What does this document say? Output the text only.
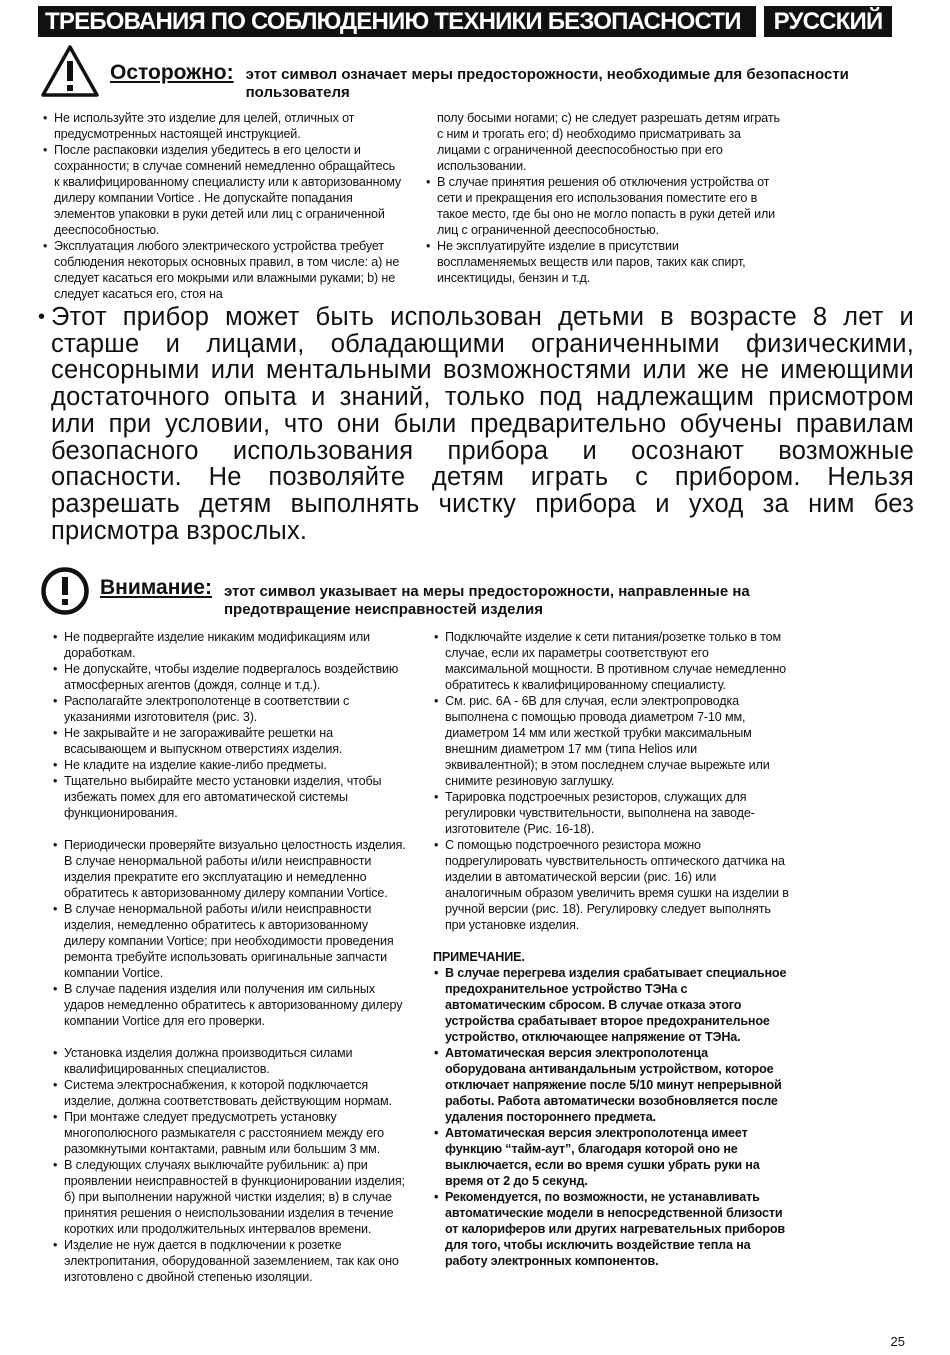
ТРЕБОВАНИЯ ПО СОБЛЮДЕНИЮ ТЕХНИКИ БЕЗОПАСНОСТИ	РУССКИЙ
Осторожно: этот символ означает меры предосторожности, необходимые для безопасности пользователя
• Не используйте это изделие для целей, отличных от предусмотренных настоящей инструкцией.
• После распаковки изделия убедитесь в его целости и сохранности; в случае сомнений немедленно обращайтесь к квалифицированному специалисту или к авторизованному дилеру компании Vortice . Не допускайте попадания элементов упаковки в руки детей или лиц с ограниченной дееспособностью.
• Эксплуатация любого электрического устройства требует соблюдения некоторых основных правил, в том числе: a) не следует касаться его мокрыми или влажными руками; b) не следует касаться его, стоя на
полу босыми ногами; c) не следует разрешать детям играть с ним и трогать его; d) необходимо присматривать за лицами с ограниченной дееспособностью при его использовании.
• В случае принятия решения об отключения устройства от сети и прекращения его использования поместите его в такое место, где бы оно не могло попасть в руки детей или лиц с ограниченной дееспособностью.
• Не эксплуатируйте изделие в присутствии воспламеняемых веществ или паров, таких как спирт, инсектициды, бензин и т.д.
• Этот прибор может быть использован детьми в возрасте 8 лет и старше и лицами, обладающими ограниченными физическими, сенсорными или ментальными возможностями или же не имеющими достаточного опыта и знаний, только под надлежащим присмотром или при условии, что они были предварительно обучены правилам безопасного использования прибора и осознают возможные опасности. Не позволяйте детям играть с прибором. Нельзя разрешать детям выполнять чистку прибора и уход за ним без присмотра взрослых.
Внимание: этот символ указывает на меры предосторожности, направленные на предотвращение неисправностей изделия
• Не подвергайте изделие никаким модификациям или доработкам.
• Не допускайте, чтобы изделие подвергалось воздействию атмосферных агентов (дождя, солнце и т.д.).
• Располагайте электрополотенце в соответствии с указаниями изготовителя (рис. 3).
• Не закрывайте и не загораживайте решетки на всасывающем и выпускном отверстиях изделия.
• Не кладите на изделие какие-либо предметы.
• Тщательно выбирайте место установки изделия, чтобы избежать помех для его автоматической системы функционирования.
• Периодически проверяйте визуально целостность изделия. В случае ненормальной работы и/или неисправности изделия прекратите его эксплуатацию и немедленно обратитесь к авторизованному дилеру компании Vortice.
• В случае ненормальной работы и/или неисправности изделия, немедленно обратитесь к авторизованному дилеру компании Vortice; при необходимости проведения ремонта требуйте использовать оригинальные запчасти компании Vortice.
• В случае падения изделия или получения им сильных ударов немедленно обратитесь к авторизованному дилеру компании Vortice для его проверки.
• Установка изделия должна производиться силами квалифицированных специалистов.
• Система электроснабжения, к которой подключается изделие, должна соответствовать действующим нормам.
• При монтаже следует предусмотреть установку многополюсного размыкателя с расстоянием между его разомкнутыми контактами, равным или большим 3 мм.
• В следующих случаях выключайте рубильник: а) при проявлении неисправностей в функционировании изделия; б) при выполнении наружной чистки изделия; в) в случае принятия решения о неиспользовании изделия в течение коротких или продолжительных интервалов времени.
• Изделие не нуж дается в подключении к розетке электропитания, оборудованной заземлением, так как оно изготовлено с двойной степенью изоляции.
• Подключайте изделие к сети питания/розетке только в том случае, если их параметры соответствуют его максимальной мощности. В противном случае немедленно обратитесь к квалифицированному специалисту.
• См. рис. 6А - 6В для случая, если электропроводка выполнена с помощью провода диаметром 7-10 мм, диаметром 14 мм или жесткой трубки максимальным внешним диаметром 17 мм (типа Helios или эквивалентной); в этом последнем случае вырежьте или снимите резиновую заглушку.
• Тарировка подстроечных резисторов, служащих для регулировки чувствительности, выполнена на заводе-изготовителе (Рис. 16-18).
• С помощью подстроечного резистора можно подрегулировать чувствительность оптического датчика на изделии в автоматической версии (рис. 16) или аналогичным образом увеличить время сушки на изделии в ручной версии (рис. 18). Регулировку следует выполнять при установке изделия.
ПРИМЕЧАНИЕ.
• В случае перегрева изделия срабатывает специальное предохранительное устройство ТЭНа с автоматическим сбросом. В случае отказа этого устройства срабатывает второе предохранительное устройство, отключающее напряжение от ТЭНа.
• Автоматическая версия электрополотенца оборудована антивандальным устройством, которое отключает напряжение после 5/10 минут непрерывной работы. Работа автоматически возобновляется после удаления постороннего предмета.
• Автоматическая версия электрополотенца имеет функцию “тайм-аут”, благодаря которой оно не выключается, если во время сушки убрать руки на время от 2 до 5 секунд.
• Рекомендуется, по возможности, не устанавливать автоматические модели в непосредственной близости от калориферов или других нагревательных приборов для того, чтобы исключить воздействие тепла на работу электронных компонентов.
25
